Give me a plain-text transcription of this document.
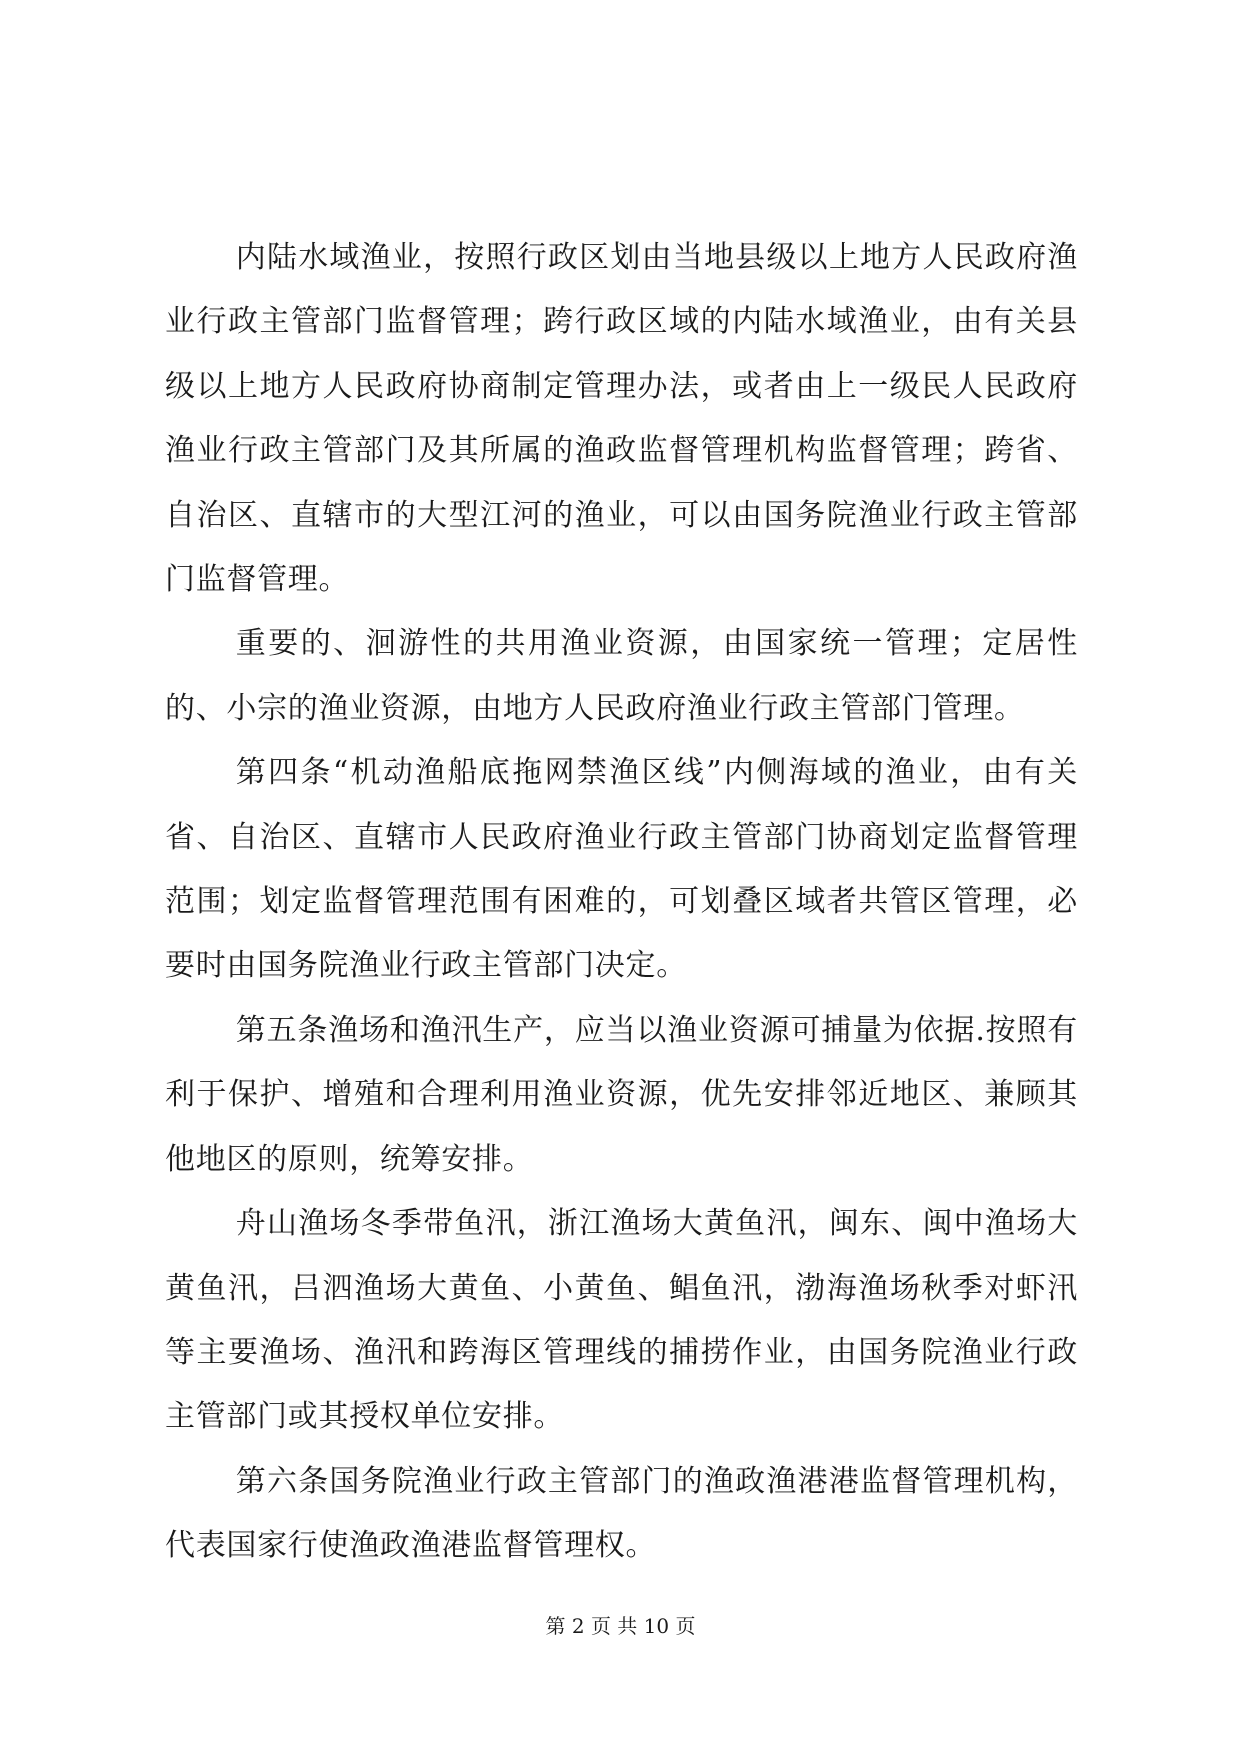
内陆水域渔业，按照行政区划由当地县级以上地方人民政府渔业行政主管部门监督管理；跨行政区域的内陆水域渔业，由有关县级以上地方人民政府协商制定管理办法，或者由上一级民人民政府渔业行政主管部门及其所属的渔政监督管理机构监督管理；跨省、自治区、直辖市的大型江河的渔业，可以由国务院渔业行政主管部门监督管理。

重要的、洄游性的共用渔业资源，由国家统一管理；定居性的、小宗的渔业资源，由地方人民政府渔业行政主管部门管理。

第四条“机动渔船底拖网禁渔区线”内侧海域的渔业，由有关省、自治区、直辖市人民政府渔业行政主管部门协商划定监督管理范围；划定监督管理范围有困难的，可划叠区域者共管区管理，必要时由国务院渔业行政主管部门决定。

第五条渔场和渔汛生产，应当以渔业资源可捕量为依据.按照有利于保护、增殖和合理利用渔业资源，优先安排邻近地区、兼顾其他地区的原则，统筹安排。

舟山渔场冬季带鱼汛，浙江渔场大黄鱼汛，闽东、闽中渔场大黄鱼汛，吕泗渔场大黄鱼、小黄鱼、鲳鱼汛，渤海渔场秋季对虾汛等主要渔场、渔汛和跨海区管理线的捕捞作业，由国务院渔业行政主管部门或其授权单位安排。

第六条国务院渔业行政主管部门的渔政渔港港监督管理机构，代表国家行使渔政渔港监督管理权。

第 2 页 共 10 页
